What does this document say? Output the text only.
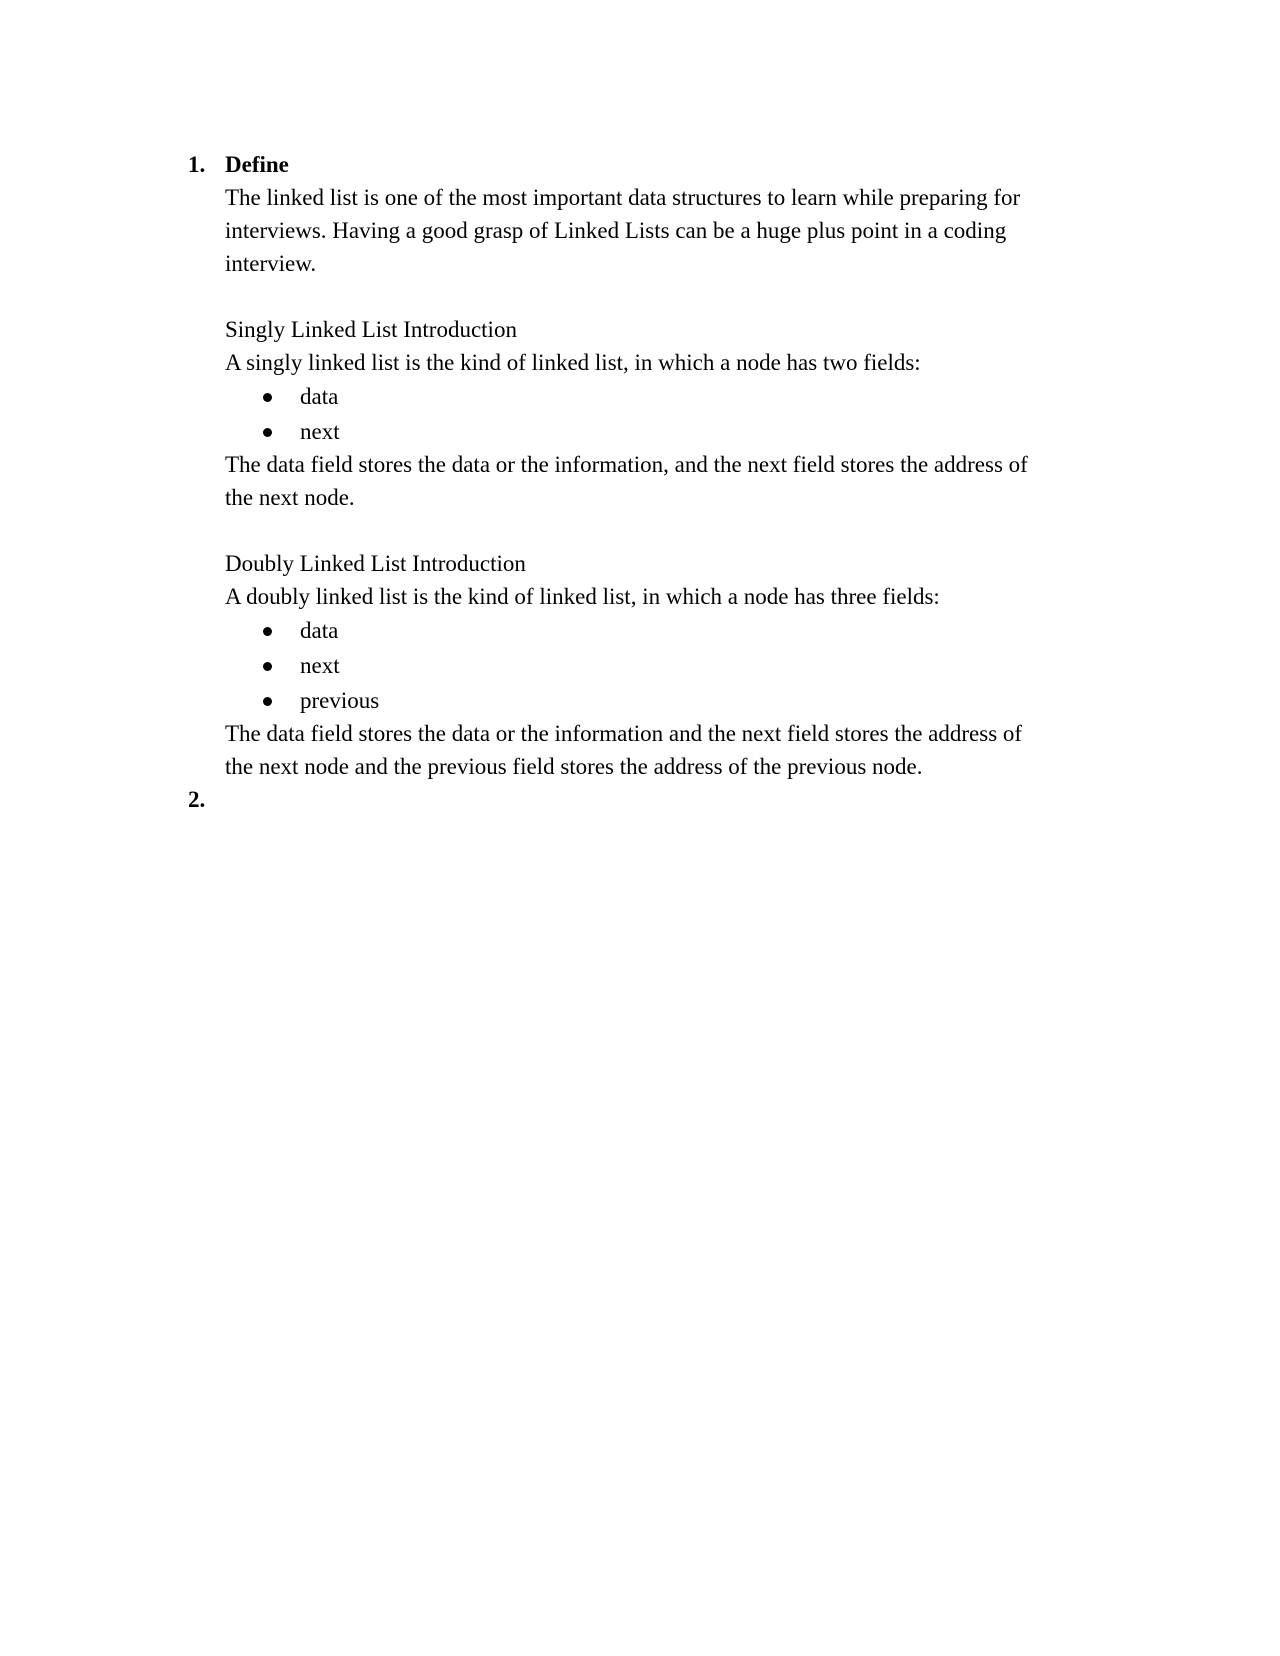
1. Define
The linked list is one of the most important data structures to learn while preparing for
interviews. Having a good grasp of Linked Lists can be a huge plus point in a coding
interview.
Singly Linked List Introduction
A singly linked list is the kind of linked list, in which a node has two fields:
data
next
The data field stores the data or the information, and the next field stores the address of
the next node.
Doubly Linked List Introduction
A doubly linked list is the kind of linked list, in which a node has three fields:
data
next
previous
The data field stores the data or the information and the next field stores the address of
the next node and the previous field stores the address of the previous node.
2.
